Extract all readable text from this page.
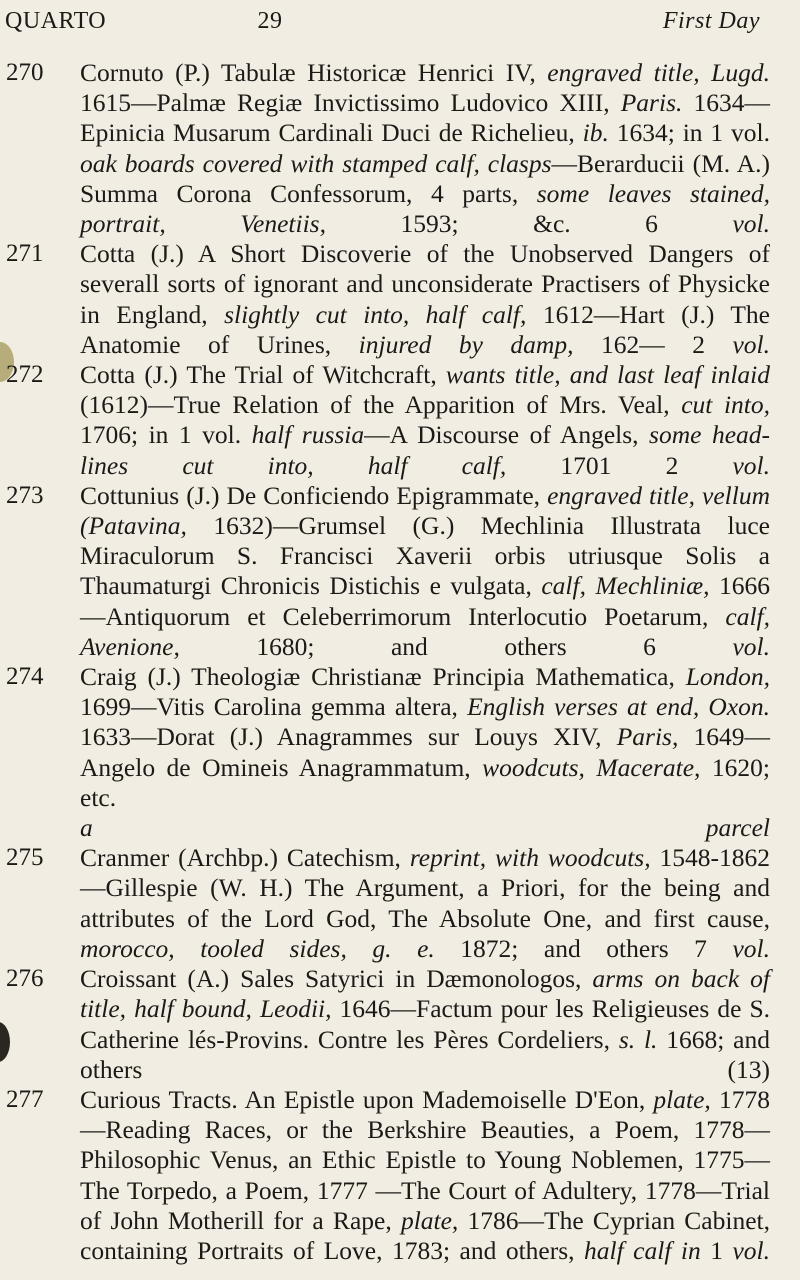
QUARTO	29	First Day
270	Cornuto (P.) Tabulæ Historicæ Henrici IV, engraved title, Lugd. 1615—Palmæ Regiæ Invictissimo Ludovico XIII, Paris. 1634—Epinicia Musarum Cardinali Duci de Richelieu, ib. 1634; in 1 vol. oak boards covered with stamped calf, clasps—Berarducii (M. A.) Summa Corona Confessorum, 4 parts, some leaves stained, portrait, Venetiis, 1593; &c. 6 vol.
271	Cotta (J.) A Short Discoverie of the Unobserved Dangers of severall sorts of ignorant and unconsiderate Practisers of Physicke in England, slightly cut into, half calf, 1612—Hart (J.) The Anatomie of Urines, injured by damp, 162— 2 vol.
272	Cotta (J.) The Trial of Witchcraft, wants title, and last leaf inlaid (1612)—True Relation of the Apparition of Mrs. Veal, cut into, 1706; in 1 vol. half russia—A Discourse of Angels, some head-lines cut into, half calf, 1701 2 vol.
273	Cottunius (J.) De Conficiendo Epigrammate, engraved title, vellum (Patavina, 1632)—Grumsel (G.) Mechlinia Illustrata luce Miraculorum S. Francisci Xaverii orbis utriusque Solis a Thaumaturgi Chronicis Distichis e vulgata, calf, Mechliniæ, 1666—Antiquorum et Celeberrimorum Interlocutio Poetarum, calf, Avenione, 1680; and others 6 vol.
274	Craig (J.) Theologiæ Christianæ Principia Mathematica, London, 1699—Vitis Carolina gemma altera, English verses at end, Oxon. 1633—Dorat (J.) Anagrammes sur Louys XIV, Paris, 1649—Angelo de Omineis Anagrammatum, woodcuts, Macerate, 1620; etc.
a parcel
275	Cranmer (Archbp.) Catechism, reprint, with woodcuts, 1548-1862—Gillespie (W. H.) The Argument, a Priori, for the being and attributes of the Lord God, The Absolute One, and first cause, morocco, tooled sides, g. e. 1872; and others 7 vol.
276	Croissant (A.) Sales Satyrici in Dæmonologos, arms on back of title, half bound, Leodii, 1646—Factum pour les Religieuses de S. Catherine lés-Provins. Contre les Pères Cordeliers, s. l. 1668; and others (13)
277	Curious Tracts. An Epistle upon Mademoiselle D'Eon, plate, 1778—Reading Races, or the Berkshire Beauties, a Poem, 1778—Philosophic Venus, an Ethic Epistle to Young Noblemen, 1775—The Torpedo, a Poem, 1777 —The Court of Adultery, 1778—Trial of John Motherill for a Rape, plate, 1786—The Cyprian Cabinet, containing Portraits of Love, 1783; and others, half calf in 1 vol.
